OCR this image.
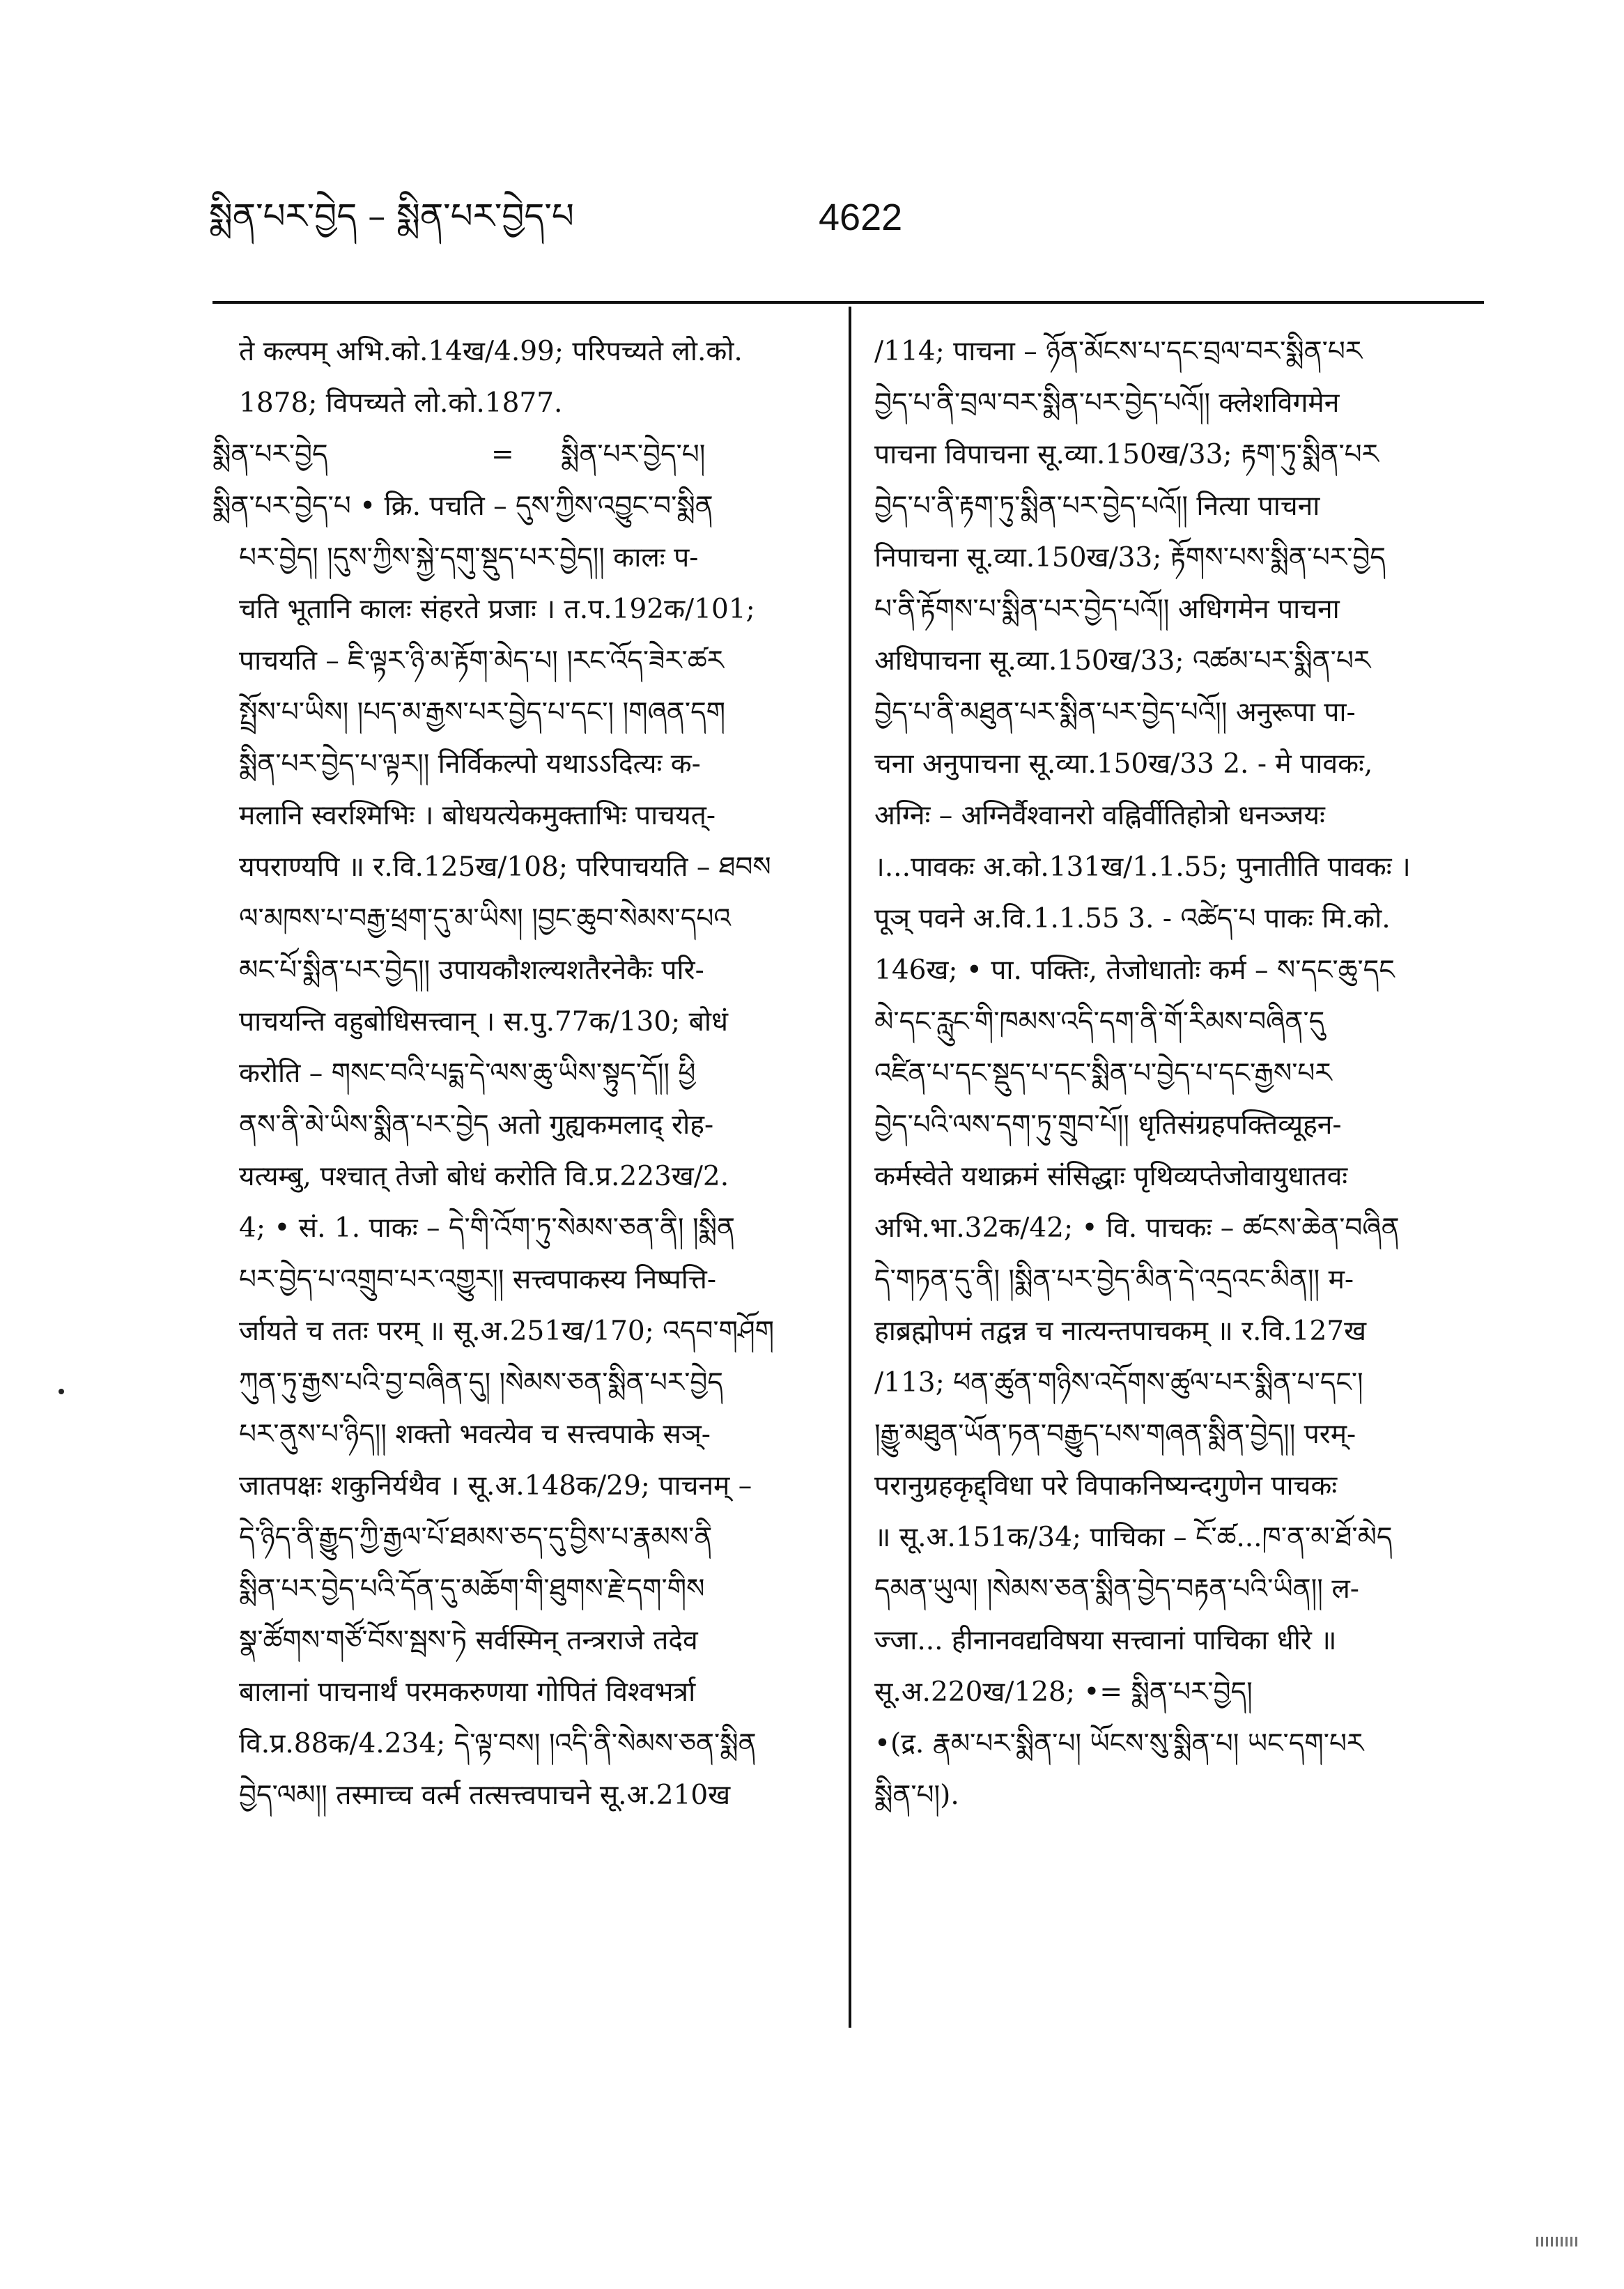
སྨིན་པར་བྱེད – སྨིན་པར་བྱེད་པ	4622
ते कल्पम् अभि.को.14ख/4.99; परिपच्यते लो.को.
1878; विपच्यते लो.को.1877.
སྨིན་པར་བྱེད	= སྨིན་པར་བྱེད་པ།
སྨིན་པར་བྱེད་པ • क्रि. पचति – དུས་ཀྱིས་འབྱུང་བ་སྨིན
པར་བྱེད། །དུས་ཀྱིས་སྐྱེ་དགུ་སྡུད་པར་བྱེད།། कालः प-
चति भूतानि कालः संहरते प्रजाः । त.प.192क/101;
पाचयति – ཇི་ལྟར་ཉི་མ་རྟོག་མེད་པ། །རང་འོད་ཟེར་ཚར
སྤྲོས་པ་ཡིས། །པད་མ་རྒྱས་པར་བྱེད་པ་དང་། །གཞན་དག
སྨིན་པར་བྱེད་པ་ལྟར།། निर्विकल्पो यथाऽऽदित्यः क-
मलानि स्वरश्मिभिः । बोधयत्येकमुक्ताभिः पाचयत्-
यपराण्यपि ॥ र.वि.125ख/108; परिपाचयति – ཐབས
ལ་མཁས་པ་བརྒྱ་ཕྲག་དུ་མ་ཡིས། །བྱང་ཆུབ་སེམས་དཔའ
མང་པོ་སྨིན་པར་བྱེད།། उपायकौशल्यशतैरनेकैः परि-
पाचयन्ति वहुबोधिसत्त्वान् । स.पु.77क/130; बोधं
करोति – གསང་བའི་པདྨ་དེ་ལས་ཆུ་ཡིས་སྟུད་དོ།། ཕྱི
ནས་ནི་མེ་ཡིས་སྨིན་པར་བྱེད अतो गुह्यकमलाद् रोह-
यत्यम्बु, पश्चात् तेजो बोधं करोति वि.प्र.223ख/2.
4; • सं. 1. पाकः – དེ་གི་འོག་ཏུ་སེམས་ཅན་ནི། །སྨིན
པར་བྱེད་པ་འགྲུབ་པར་འགྱུར།། सत्त्वपाकस्य निष्पत्ति-
र्जायते च ततः परम् ॥ सू.अ.251ख/170; འདབ་གཤོག
ཀུན་ཏུ་རྒྱས་པའི་བྱ་བཞིན་དུ། །སེམས་ཅན་སྨིན་པར་བྱེད
པར་ནུས་པ་ཉིད།། शक्तो भवत्येव च सत्त्वपाके सञ्-
जातपक्षः शकुनिर्यथैव । सू.अ.148क/29; पाचनम् –
དེ་ཉིད་ནི་རྒྱུད་ཀྱི་རྒྱལ་པོ་ཐམས་ཅད་དུ་བྱིས་པ་རྣམས་ནི
སྨིན་པར་བྱེད་པའི་དོན་དུ་མཆོག་གི་ཐུགས་རྗེ་དག་གིས
སྣ་ཚོགས་གཙོ་བོས་སྦས་ཏེ सर्वस्मिन् तन्त्रराजे तदेव
बालानां पाचनार्थं परमकरुणया गोपितं विश्वभर्त्रा
वि.प्र.88क/4.234; དེ་ལྟ་བས། །འདི་ནི་སེམས་ཅན་སྨིན
བྱེད་ལམ།། तस्माच्च वर्त्म तत्सत्त्वपाचने सू.अ.210ख
/114; पाचना – ཉོན་མོངས་པ་དང་བྲལ་བར་སྨིན་པར
བྱེད་པ་ནི་བྲལ་བར་སྨིན་པར་བྱེད་པའོ།། क्लेशविगमेन
पाचना विपाचना सू.व्या.150ख/33; རྟག་ཏུ་སྨིན་པར
བྱེད་པ་ནི་རྟག་ཏུ་སྨིན་པར་བྱེད་པའོ།། नित्या पाचना
निपाचना सू.व्या.150ख/33; རྟོགས་པས་སྨིན་པར་བྱེད
པ་ནི་རྟོགས་པ་སྨིན་པར་བྱེད་པའོ།། अधिगमेन पाचना
अधिपाचना सू.व्या.150ख/33; འཚམ་པར་སྨིན་པར
བྱེད་པ་ནི་མཐུན་པར་སྨིན་པར་བྱེད་པའོ།། अनुरूपा पा-
चना अनुपाचना सू.व्या.150ख/33 2. - मे पावकः,
अग्निः – अग्निर्वैश्वानरो वह्निर्वीतिहोत्रो धनञ्जयः
।...पावकः अ.को.131ख/1.1.55; पुनातीति पावकः ।
पूञ् पवने अ.वि.1.1.55 3. - འཚེད་པ पाकः मि.को.
146ख; • पा. पक्तिः, तेजोधातोः कर्म – ས་དང་ཆུ་དང
མེ་དང་རླུང་གི་ཁམས་འདི་དག་ནི་གོ་རིམས་བཞིན་དུ
འཛིན་པ་དང་སྡུད་པ་དང་སྨིན་པ་བྱེད་པ་དང་རྒྱས་པར
བྱེད་པའི་ལས་དག་ཏུ་གྲུབ་པོ།། धृतिसंग्रहपक्तिव्यूहन-
कर्मस्वेते यथाक्रमं संसिद्धाः पृथिव्यप्तेजोवायुधातवः
अभि.भा.32क/42; • वि. पाचकः – ཚངས་ཆེན་བཞིན
དེ་གཏན་དུ་ནི། །སྨིན་པར་བྱེད་མིན་དེ་འདྲའང་མིན།། म-
हाब्रह्मोपमं तद्वन्न च नात्यन्तपाचकम् ॥ र.वि.127ख
/113; ཕན་ཚུན་གཉིས་འདོགས་ཚུལ་པར་སྨིན་པ་དང་།
།རྒྱུ་མཐུན་ཡོན་ཏན་བརྒྱུད་པས་གཞན་སྨིན་བྱེད།། परम्-
परानुग्रहकृद्द्विधा परे विपाकनिष्यन्दगुणेन पाचकः
॥ सू.अ.151क/34; पाचिका – ངོ་ཚ...ཁ་ན་མ་ཐོ་མེད
དམན་ཡུལ། །སེམས་ཅན་སྨིན་བྱེད་བརྟན་པའི་ཡིན།། ल-
ज्जा... हीनानवद्यविषया सत्त्वानां पाचिका धीरे ॥
सू.अ.220ख/128; •= སྨིན་པར་བྱེད།
•(द्र. རྣམ་པར་སྨིན་པ། ཡོངས་སུ་སྨིན་པ། ཡང་དག་པར
སྨིན་པ།).
